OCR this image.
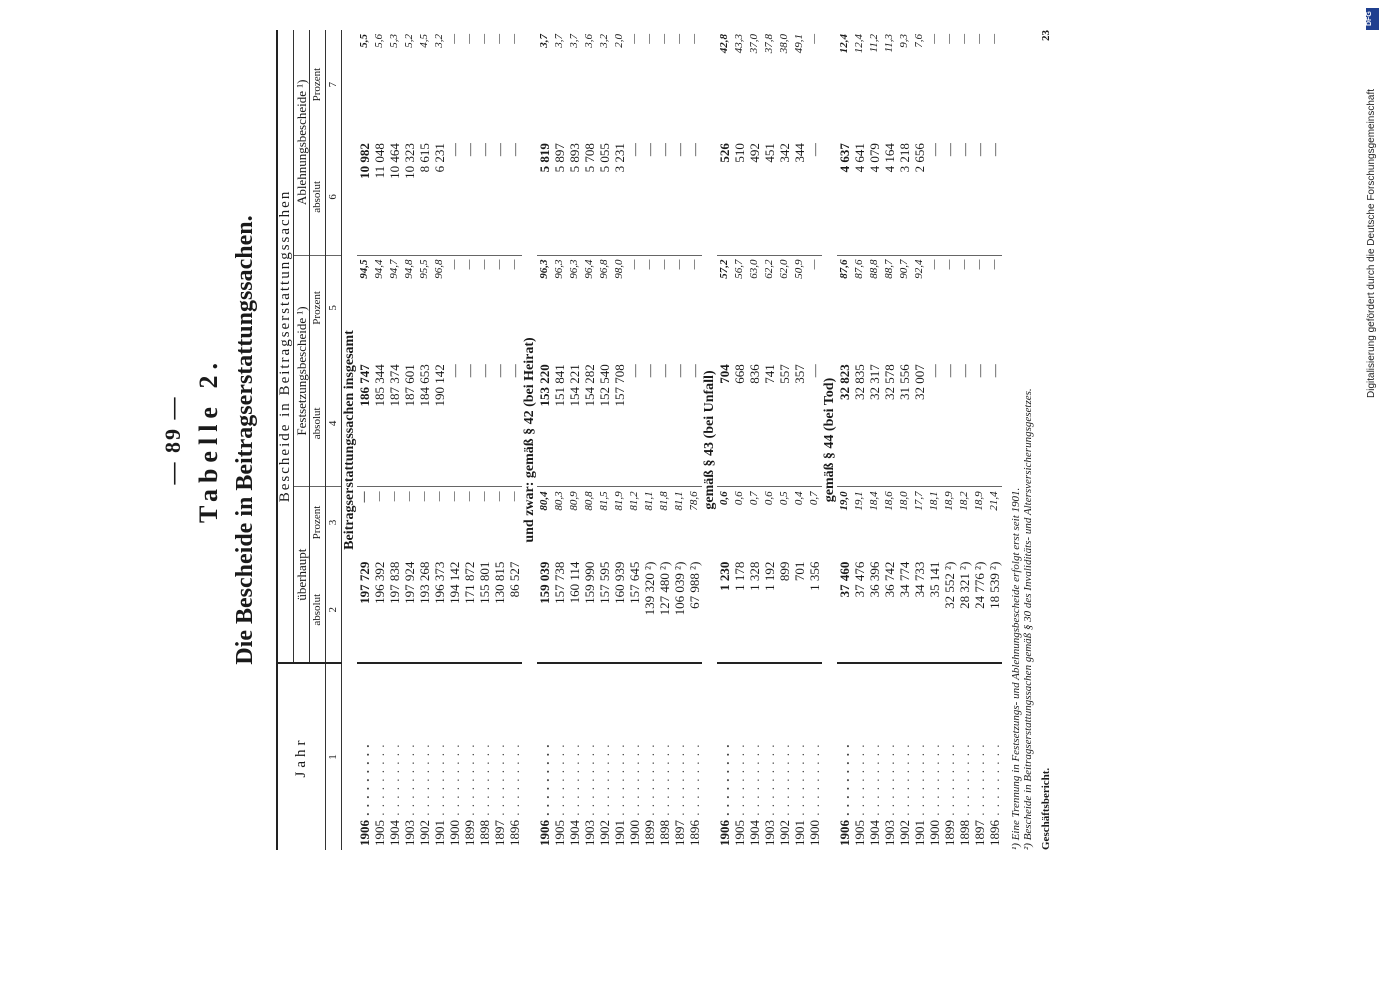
— 89 — Tabelle 2. Die Bescheide in Beitragserstattungssachen.
Jahr	Bescheide in Beitragserstattungssachen					
	überhaupt		Festsetzungsbescheide ¹)		Ablehnungsbescheide ¹)	
	absolut	Prozent	absolut	Prozent	absolut	Prozent
1	2	3	4	5	6	7
Beitragserstattungssachen insgesamt						
1906 . . .	197 729	—	186 747	94,5	10 982	5,5
1905 . . .	196 392	—	185 344	94,4	11 048	5,6
1904 . . .	197 838	—	187 374	94,7	10 464	5,3
1903 . . .	197 924	—	187 601	94,8	10 323	5,2
1902 . . .	193 268	—	184 653	95,5	8 615	4,5
1901 . . .	196 373	—	190 142	96,8	6 231	3,2
1900 . . .	194 142	—	—	—	—	—
1899 . . .	171 872	—	—	—	—	—
1898 . . .	155 801	—	—	—	—	—
1897 . . .	130 815	—	—	—	—	—
1896 . . .	86 527	—	—	—	—	—
und zwar: gemäß § 42 (bei Heirat)						
1906 . . .	159 039	80,4	153 220	96,3	5 819	3,7
1905 . . .	157 738	80,3	151 841	96,3	5 897	3,7
1904 . . .	160 114	80,9	154 221	96,3	5 893	3,7
1903 . . .	159 990	80,8	154 282	96,4	5 708	3,6
1902 . . .	157 595	81,5	152 540	96,8	5 055	3,2
1901 . . .	160 939	81,9	157 708	98,0	3 231	2,0
1900 . . .	157 645	81,2	—	—	—	—
1899 . . .	139 320 ²)	81,1	—	—	—	—
1898 . . .	127 480 ²)	81,8	—	—	—	—
1897 . . .	106 039 ²)	81,1	—	—	—	—
1896 . . .	67 988 ²)	78,6	—	—	—	—
gemäß § 43 (bei Unfall)						
1906 . . .	1 230	0,6	704	57,2	526	42,8
1905 . . .	1 178	0,6	668	56,7	510	43,3
1904 . . .	1 328	0,7	836	63,0	492	37,0
1903 . . .	1 192	0,6	741	62,2	451	37,8
1902 . . .	899	0,5	557	62,0	342	38,0
1901 . . .	701	0,4	357	50,9	344	49,1
1900 . . .	1 356	0,7	—	—	—	—
gemäß § 44 (bei Tod)						
1906 . . .	37 460	19,0	32 823	87,6	4 637	12,4
1905 . . .	37 476	19,1	32 835	87,6	4 641	12,4
1904 . . .	36 396	18,4	32 317	88,8	4 079	11,2
1903 . . .	36 742	18,6	32 578	88,7	4 164	11,3
1902 . . .	34 774	18,0	31 556	90,7	3 218	9,3
1901 . . .	34 733	17,7	32 007	92,4	2 656	7,6
1900 . . .	35 141	18,1	—	—	—	—
1899 . . .	32 552 ²)	18,9	—	—	—	—
1898 . . .	28 321 ²)	18,2	—	—	—	—
1897 . . .	24 776 ²)	18,9	—	—	—	—
1896 . . .	18 539 ²)	21,4	—	—	—	—
¹) Eine Trennung in Festsetzungs- und Ablehnungsbescheide erfolgt erst seit 1901. ²) Bescheide in Beitragserstattungssachen gemäß § 30 des Invaliditäts- und Altersversicherungsgesetzes. Geschäftsbericht.
23
DFG
Digitalisierung gefördert durch die Deutsche Forschungsgemeinschaft
